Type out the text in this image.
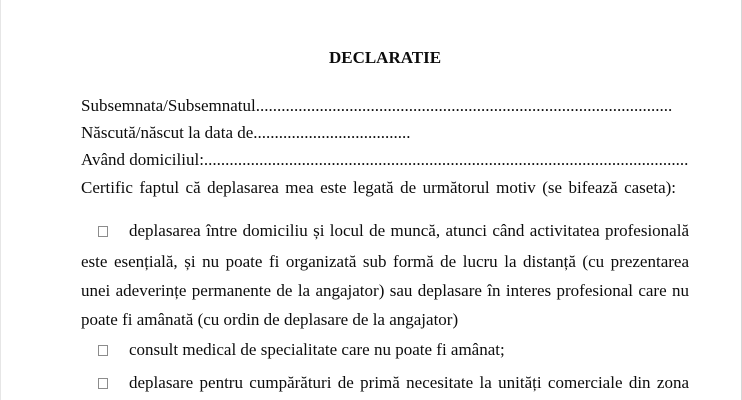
DECLARATIE
Subsemnata/Subsemnatul..................................................................................................
Născută/născut la data de.....................................
Având domiciliul:..................................................................................................................
Certific faptul că deplasarea mea este legată de următorul motiv (se bifează caseta):
deplasarea între domiciliu și locul de muncă, atunci când activitatea profesională
este esențială, și nu poate fi organizată sub formă de lucru la distanță (cu prezentarea
unei adeverințe permanente de la angajator) sau deplasare în interes profesional care nu
poate fi amânată (cu ordin de deplasare de la angajator)
consult medical de specialitate care nu poate fi amânat;
deplasare pentru cumpărături de primă necesitate la unități comerciale din zona
